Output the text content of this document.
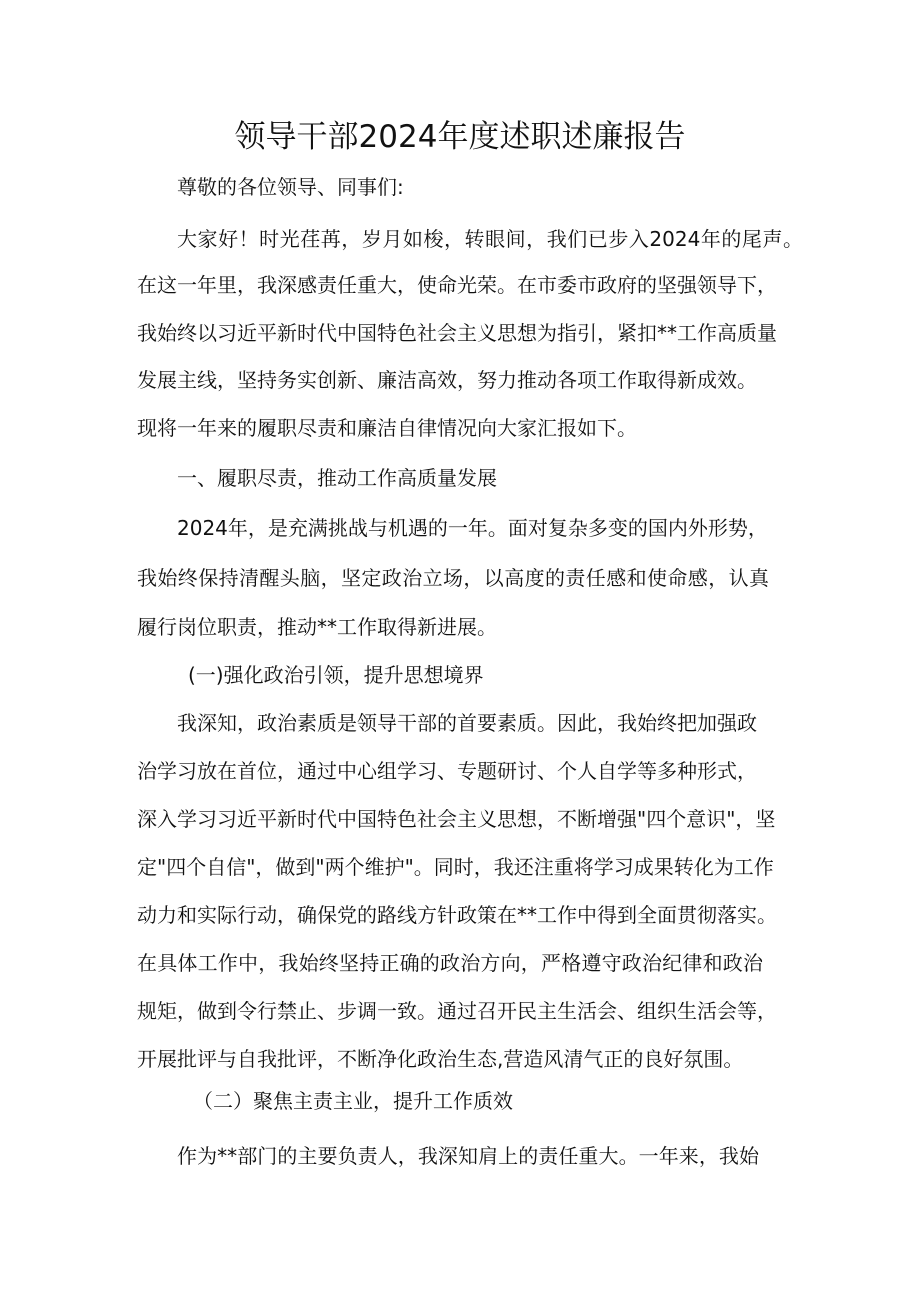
领导干部2024年度述职述廉报告
尊敬的各位领导、同事们:
大家好！时光荏苒，岁月如梭，转眼间，我们已步入2024年的尾声。
在这一年里，我深感责任重大，使命光荣。在市委市政府的坚强领导下，
我始终以习近平新时代中国特色社会主义思想为指引，紧扣**工作高质量
发展主线，坚持务实创新、廉洁高效，努力推动各项工作取得新成效。
现将一年来的履职尽责和廉洁自律情况向大家汇报如下。
一、履职尽责，推动工作高质量发展
2024年，是充满挑战与机遇的一年。面对复杂多变的国内外形势，
我始终保持清醒头脑，坚定政治立场，以高度的责任感和使命感，认真
履行岗位职责，推动**工作取得新进展。
(一)强化政治引领，提升思想境界
我深知，政治素质是领导干部的首要素质。因此，我始终把加强政
治学习放在首位，通过中心组学习、专题研讨、个人自学等多种形式，
深入学习习近平新时代中国特色社会主义思想，不断增强"四个意识"，坚
定"四个自信"，做到"两个维护"。同时，我还注重将学习成果转化为工作
动力和实际行动，确保党的路线方针政策在**工作中得到全面贯彻落实。
在具体工作中，我始终坚持正确的政治方向，严格遵守政治纪律和政治
规矩，做到令行禁止、步调一致。通过召开民主生活会、组织生活会等，
开展批评与自我批评，不断净化政治生态,营造风清气正的良好氛围。
（二）聚焦主责主业，提升工作质效
作为**部门的主要负责人，我深知肩上的责任重大。一年来，我始
